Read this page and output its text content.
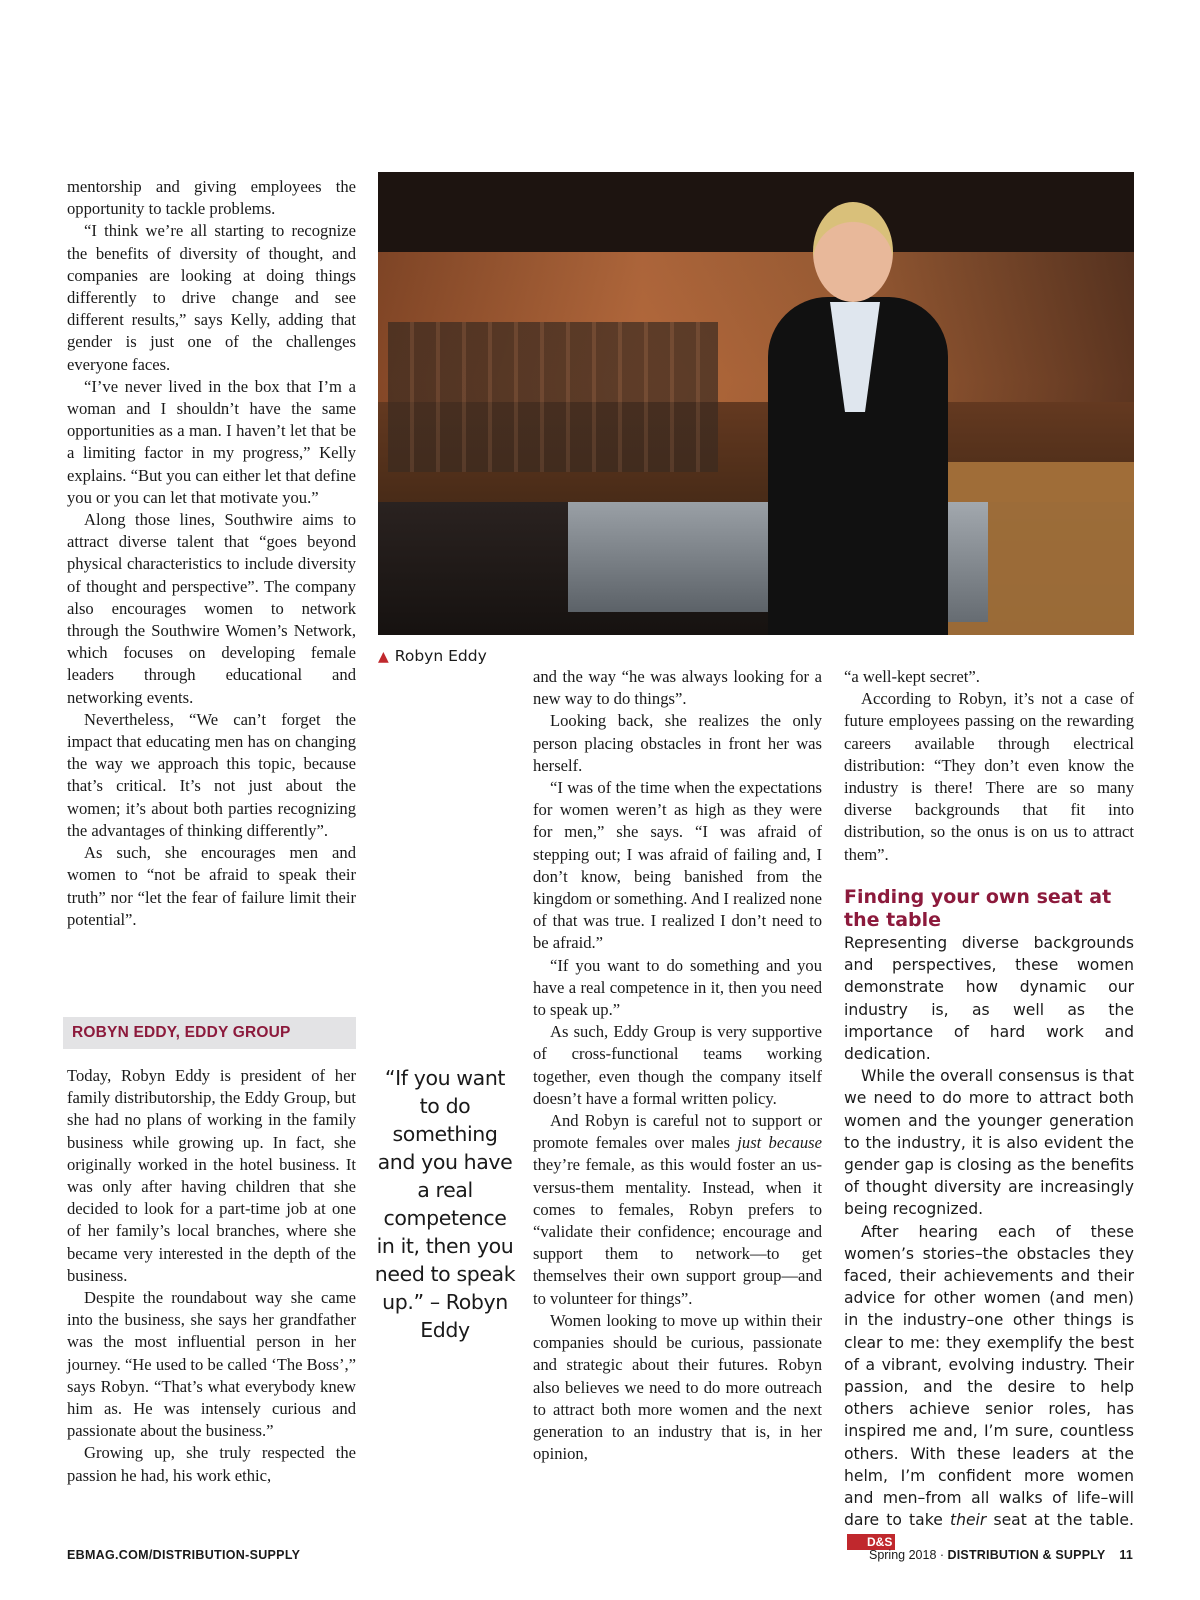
mentorship and giving employees the opportunity to tackle problems.

“I think we’re all starting to recognize the benefits of diversity of thought, and companies are looking at doing things differently to drive change and see different results,” says Kelly, adding that gender is just one of the challenges everyone faces.

“I’ve never lived in the box that I’m a woman and I shouldn’t have the same opportunities as a man. I haven’t let that be a limiting factor in my progress,” Kelly explains. “But you can either let that define you or you can let that motivate you.”

Along those lines, Southwire aims to attract diverse talent that “goes beyond physical characteristics to include diversity of thought and perspective”. The company also encourages women to network through the Southwire Women’s Network, which focuses on developing female leaders through educational and networking events.

Nevertheless, “We can’t forget the impact that educating men has on changing the way we approach this topic, because that’s critical. It’s not just about the women; it’s about both parties recognizing the advantages of thinking differently”.

As such, she encourages men and women to “not be afraid to speak their truth” nor “let the fear of failure limit their potential”.

ROBYN EDDY, EDDY GROUP

Today, Robyn Eddy is president of her family distributorship, the Eddy Group, but she had no plans of working in the family business while growing up. In fact, she originally worked in the hotel business. It was only after having children that she decided to look for a part-time job at one of her family’s local branches, where she became very interested in the depth of the business.

Despite the roundabout way she came into the business, she says her grandfather was the most influential person in her journey. “He used to be called ‘The Boss’,” says Robyn. “That’s what everybody knew him as. He was intensely curious and passionate about the business.”

Growing up, she truly respected the passion he had, his work ethic,

▲ Robyn Eddy
“If you want to do something and you have a real competence in it, then you need to speak up.” – Robyn Eddy

and the way “he was always looking for a new way to do things”.

Looking back, she realizes the only person placing obstacles in front her was herself.

“I was of the time when the expectations for women weren’t as high as they were for men,” she says. “I was afraid of stepping out; I was afraid of failing and, I don’t know, being banished from the kingdom or something. And I realized none of that was true. I realized I don’t need to be afraid.”

“If you want to do something and you have a real competence in it, then you need to speak up.”

As such, Eddy Group is very supportive of cross-functional teams working together, even though the company itself doesn’t have a formal written policy.

And Robyn is careful not to support or promote females over males just because they’re female, as this would foster an us-versus-them mentality. Instead, when it comes to females, Robyn prefers to “validate their confidence; encourage and support them to network—to get themselves their own support group—and to volunteer for things”.

Women looking to move up within their companies should be curious, passionate and strategic about their futures. Robyn also believes we need to do more outreach to attract both more women and the next generation to an industry that is, in her opinion,

“a well-kept secret”.

According to Robyn, it’s not a case of future employees passing on the rewarding careers available through electrical distribution: “They don’t even know the industry is there! There are so many diverse backgrounds that fit into distribution, so the onus is on us to attract them”.

Finding your own seat at the table

Representing diverse backgrounds and perspectives, these women demonstrate how dynamic our industry is, as well as the importance of hard work and dedication.

While the overall consensus is that we need to do more to attract both women and the younger generation to the industry, it is also evident the gender gap is closing as the benefits of thought diversity are increasingly being recognized.

After hearing each of these women’s stories–the obstacles they faced, their achievements and their advice for other women (and men) in the industry–one other things is clear to me: they exemplify the best of a vibrant, evolving industry. Their passion, and the desire to help others achieve senior roles, has inspired me and, I’m sure, countless others. With these leaders at the helm, I’m confident more women and men–from all walks of life–will dare to take their seat at the table.D&S

EBMAG.COM/DISTRIBUTION-SUPPLY	Spring 2018 · DISTRIBUTION & SUPPLY 11
